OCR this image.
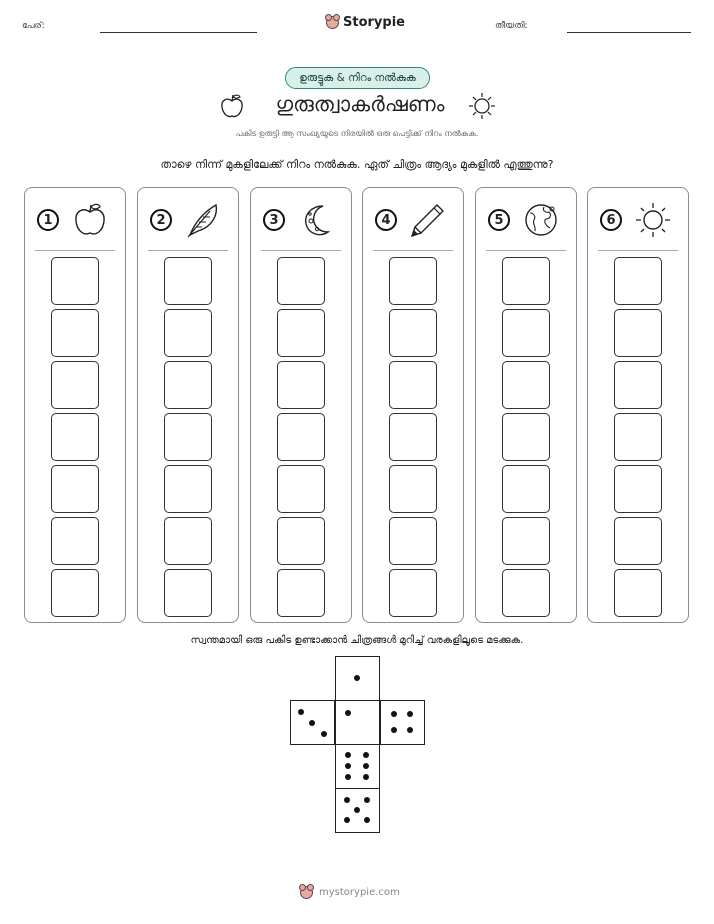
പേര്:	Storypie	തീയതി:
ഉരുട്ടുക & നിറം നൽകുക
ഗുരുത്വാകർഷണം
പകിട ഉരുട്ടി ആ സംഖ്യയുടെ നിരയിൽ ഒരു പെട്ടിക്ക് നിറം നൽകുക.
താഴെ നിന്ന് മുകളിലേക്ക് നിറം നൽകുക. ഏത് ചിത്രം ആദ്യം മുകളിൽ എത്തുന്നു?
1	2	3	4	5	6
സ്വന്തമായി ഒരു പകിട ഉണ്ടാക്കാൻ ചിത്രങ്ങൾ മുറിച്ച് വരകളിലൂടെ മടക്കുക.
mystorypie.com
